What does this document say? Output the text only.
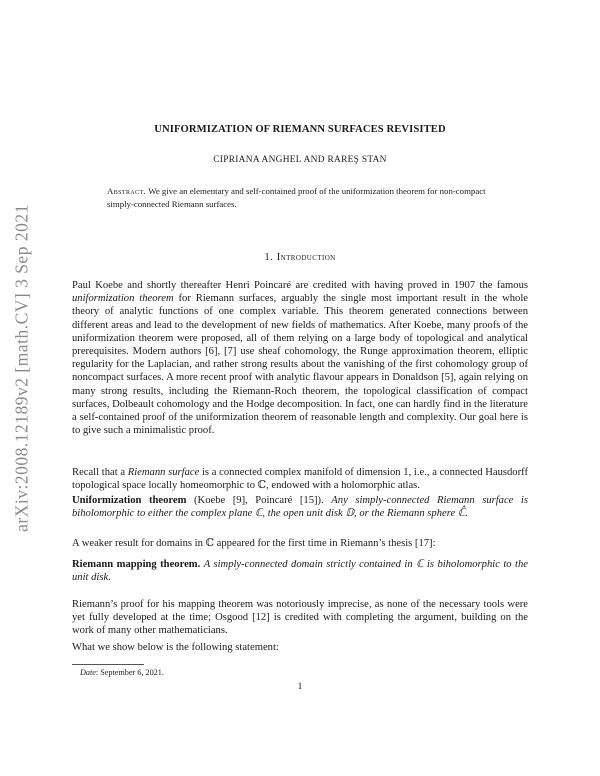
arXiv:2008.12189v2 [math.CV] 3 Sep 2021
UNIFORMIZATION OF RIEMANN SURFACES REVISITED
CIPRIANA ANGHEL AND RAREŞ STAN
Abstract. We give an elementary and self-contained proof of the uniformization theorem for non-compact simply-connected Riemann surfaces.
1. Introduction

Paul Koebe and shortly thereafter Henri Poincaré are credited with having proved in 1907 the famous uniformization theorem for Riemann surfaces, arguably the single most important result in the whole theory of analytic functions of one complex variable. This theorem generated connections between different areas and lead to the development of new fields of mathematics. After Koebe, many proofs of the uniformization theorem were proposed, all of them relying on a large body of topological and analytical prerequisites. Modern authors [6], [7] use sheaf cohomology, the Runge approximation theorem, elliptic regularity for the Laplacian, and rather strong results about the vanishing of the first cohomology group of noncompact surfaces. A more recent proof with analytic flavour appears in Donaldson [5], again relying on many strong results, including the Riemann-Roch theorem, the topological classification of compact surfaces, Dolbeault cohomology and the Hodge decomposition. In fact, one can hardly find in the literature a self-contained proof of the uniformization theorem of reasonable length and complexity. Our goal here is to give such a minimalistic proof.

Recall that a Riemann surface is a connected complex manifold of dimension 1, i.e., a connected Hausdorff topological space locally homeomorphic to ℂ, endowed with a holomorphic atlas.

Uniformization theorem (Koebe [9], Poincaré [15]). Any simply-connected Riemann surface is biholomorphic to either the complex plane ℂ, the open unit disk 𝔻, or the Riemann sphere ℂ̂.

A weaker result for domains in ℂ appeared for the first time in Riemann’s thesis [17]:

Riemann mapping theorem. A simply-connected domain strictly contained in ℂ is biholomorphic to the unit disk.

Riemann’s proof for his mapping theorem was notoriously imprecise, as none of the necessary tools were yet fully developed at the time; Osgood [12] is credited with completing the argument, building on the work of many other mathematicians.

What we show below is the following statement:

Date: September 6, 2021.
1
